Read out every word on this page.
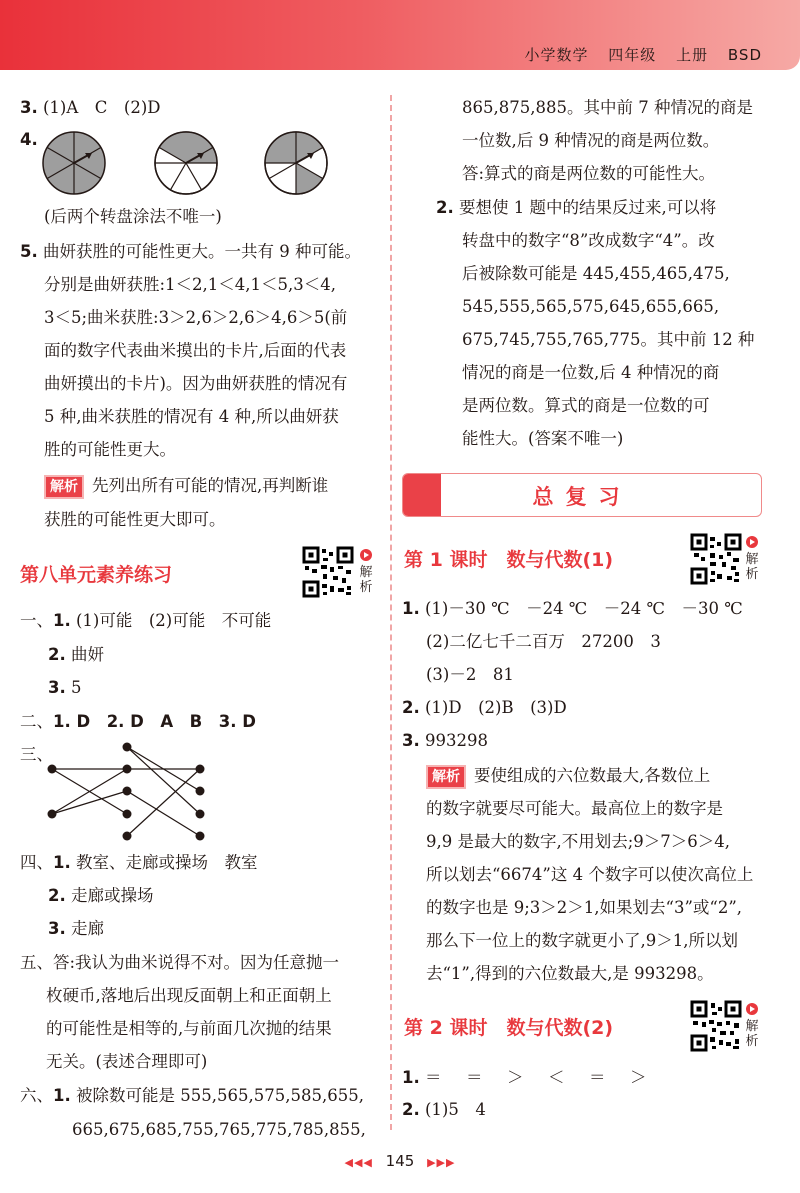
小学数学 四年级 上册 BSD
3. (1)A　C　(2)D
4.
(后两个转盘涂法不唯一)
5. 曲妍获胜的可能性更大。一共有 9 种可能。
分别是曲妍获胜:1＜2,1＜4,1＜5,3＜4,
3＜5;曲米获胜:3＞2,6＞2,6＞4,6＞5(前
面的数字代表曲米摸出的卡片,后面的代表
曲妍摸出的卡片)。因为曲妍获胜的情况有
5 种,曲米获胜的情况有 4 种,所以曲妍获
胜的可能性更大。
解析 先列出所有可能的情况,再判断谁
获胜的可能性更大即可。
第八单元素养练习	解析
一、1. (1)可能　(2)可能　不可能
2. 曲妍
3. 5
二、1. D　2. D　A　B　3. D
三、
四、1. 教室、走廊或操场　教室
2. 走廊或操场
3. 走廊
五、答:我认为曲米说得不对。因为任意抛一
枚硬币,落地后出现反面朝上和正面朝上
的可能性是相等的,与前面几次抛的结果
无关。(表述合理即可)
六、1. 被除数可能是 555,565,575,585,655,
665,675,685,755,765,775,785,855,
865,875,885。其中前 7 种情况的商是
一位数,后 9 种情况的商是两位数。
答:算式的商是两位数的可能性大。
2. 要想使 1 题中的结果反过来,可以将
转盘中的数字“8”改成数字“4”。改
后被除数可能是 445,455,465,475,
545,555,565,575,645,655,665,
675,745,755,765,775。其中前 12 种
情况的商是一位数,后 4 种情况的商
是两位数。算式的商是一位数的可
能性大。(答案不唯一)
总复习
第 1 课时　数与代数(1)	解析
1. (1)－30 ℃　－24 ℃　－24 ℃　－30 ℃
(2)二亿七千二百万　27200　3
(3)－2　81
2. (1)D　(2)B　(3)D
3. 993298
解析 要使组成的六位数最大,各数位上
的数字就要尽可能大。最高位上的数字是
9,9 是最大的数字,不用划去;9＞7＞6＞4,
所以划去“6674”这 4 个数字可以使次高位上
的数字也是 9;3＞2＞1,如果划去“3”或“2”,
那么下一位上的数字就更小了,9＞1,所以划
去“1”,得到的六位数最大,是 993298。
第 2 课时　数与代数(2)	解析
1. ＝　＝　＞　＜　＝　＞
2. (1)5　4
◀◀◀ 145 ▶▶▶
